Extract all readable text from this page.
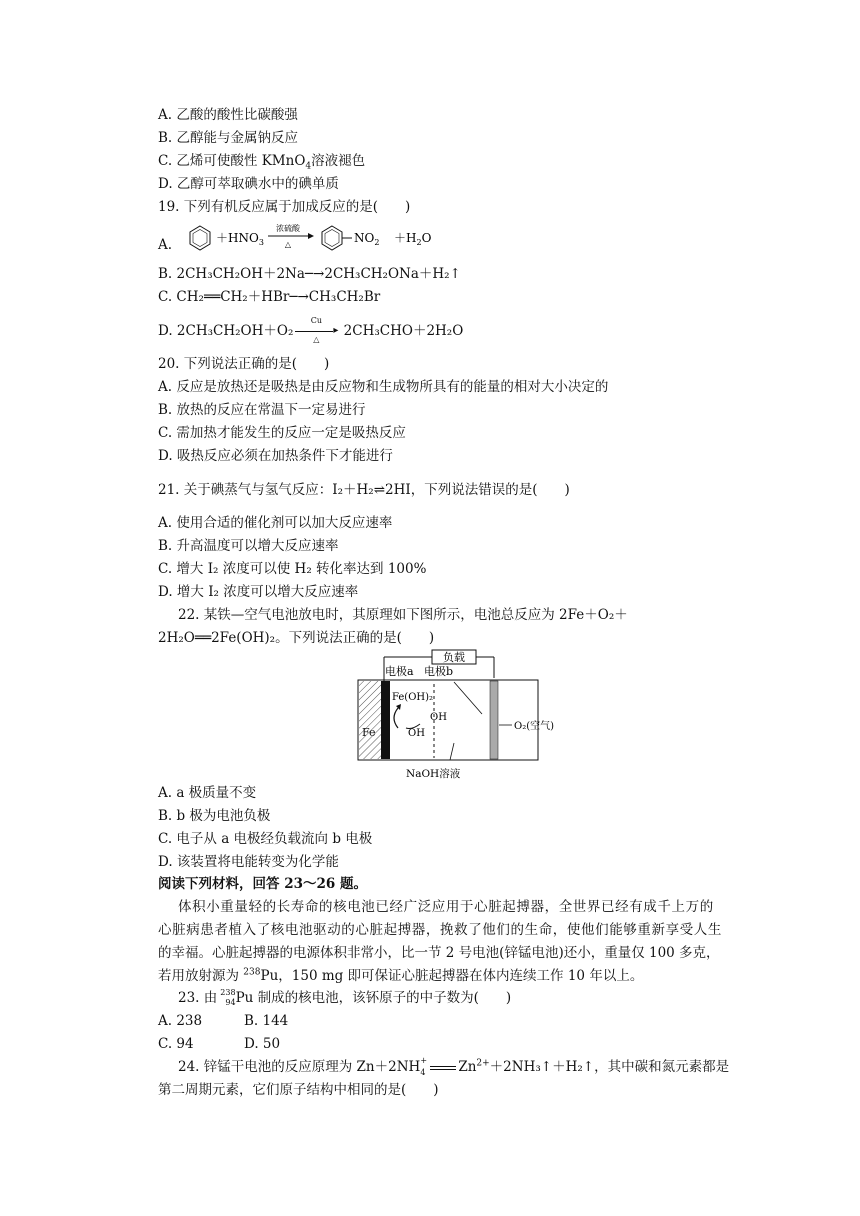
A. 乙酸的酸性比碳酸强
B. 乙醇能与金属钠反应
C. 乙烯可使酸性 KMnO$_4$溶液褪色
D. 乙醇可萃取碘水中的碘单质
19. 下列有机反应属于加成反应的是(　　)
A.	$+HNO_3$
浓硫酸
△	$NO_2 +H_2O$
B. 2CH₃CH₂OH＋2Na─→2CH₃CH₂ONa＋H₂↑
C. CH₂══CH₂＋HBr─→CH₃CH₂Br
D. 2CH₃CH₂OH＋O₂
Cu
▸
△
2CH₃CHO＋2H₂O
20. 下列说法正确的是(　　)
A. 反应是放热还是吸热是由反应物和生成物所具有的能量的相对大小决定的
B. 放热的反应在常温下一定易进行
C. 需加热才能发生的反应一定是吸热反应
D. 吸热反应必须在加热条件下才能进行
21. 关于碘蒸气与氢气反应：I₂＋H₂⇌2HI，下列说法错误的是(　　)
A. 使用合适的催化剂可以加大反应速率
B. 升高温度可以增大反应速率
C. 增大 I₂ 浓度可以使 H₂ 转化率达到 100%
D. 增大 I₂ 浓度可以增大反应速率
22. 某铁—空气电池放电时，其原理如下图所示，电池总反应为 2Fe＋O₂＋
2H₂O══2Fe(OH)₂。下列说法正确的是(　　)
负载
电极a 电极b
Fe
Fe(OH)₂
OH
OH
O₂(空气)
NaOH溶液
A. a 极质量不变
B. b 极为电池负极
C. 电子从 a 电极经负载流向 b 电极
D. 该装置将电能转变为化学能
阅读下列材料，回答 23～26 题。
体积小重量轻的长寿命的核电池已经广泛应用于心脏起搏器，全世界已经有成千上万的
心脏病患者植入了核电池驱动的心脏起搏器，挽救了他们的生命，使他们能够重新享受人生
的幸福。心脏起搏器的电源体积非常小，比一节 2 号电池(锌锰电池)还小，重量仅 100 多克，
若用放射源为 $^{238}$Pu，150 mg 即可保证心脏起搏器在体内连续工作 10 年以上。
23. 由
238
94 Pu 制成的核电池，该钚原子的中子数为(　　)
A. 238	B. 144
C. 94	D. 50
24. 锌锰干电池的反应原理为 Zn＋2NH +
4 $Zn^{2+}+2NH_3↑+H_2↑$，其中碳和氮元素都是
第二周期元素，它们原子结构中相同的是(　　)
